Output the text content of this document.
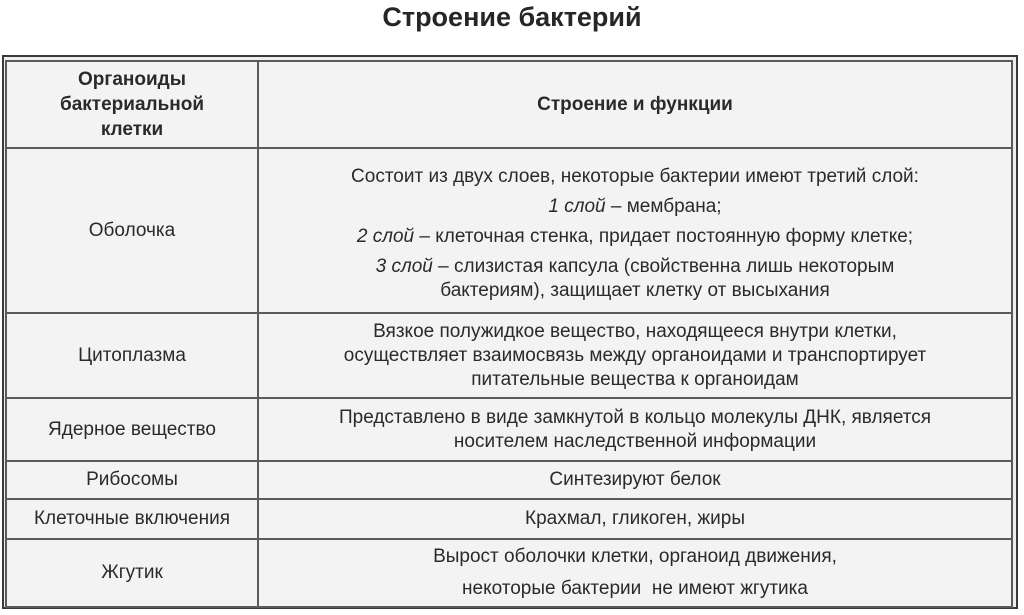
Строение бактерий
Органоиды
бактериальной
клетки	Строение и функции
Оболочка	Состоит из двух слоев, некоторые бактерии имеют третий слой:
1 слой – мембрана;
2 слой – клеточная стенка, придает постоянную форму клетке;
3 слой – слизистая капсула (свойственна лишь некоторым
бактериям), защищает клетку от высыхания

Цитоплазма	Вязкое полужидкое вещество, находящееся внутри клетки,
осуществляет взаимосвязь между органоидами и транспортирует
питательные вещества к органоидам

Ядерное вещество	Представлено в виде замкнутой в кольцо молекулы ДНК, является
носителем наследственной информации

Рибосомы	Синтезируют белок
Клеточные включения	Крахмал, гликоген, жиры
Жгутик	Вырост оболочки клетки, органоид движения,
некоторые бактерии  не имеют жгутика
